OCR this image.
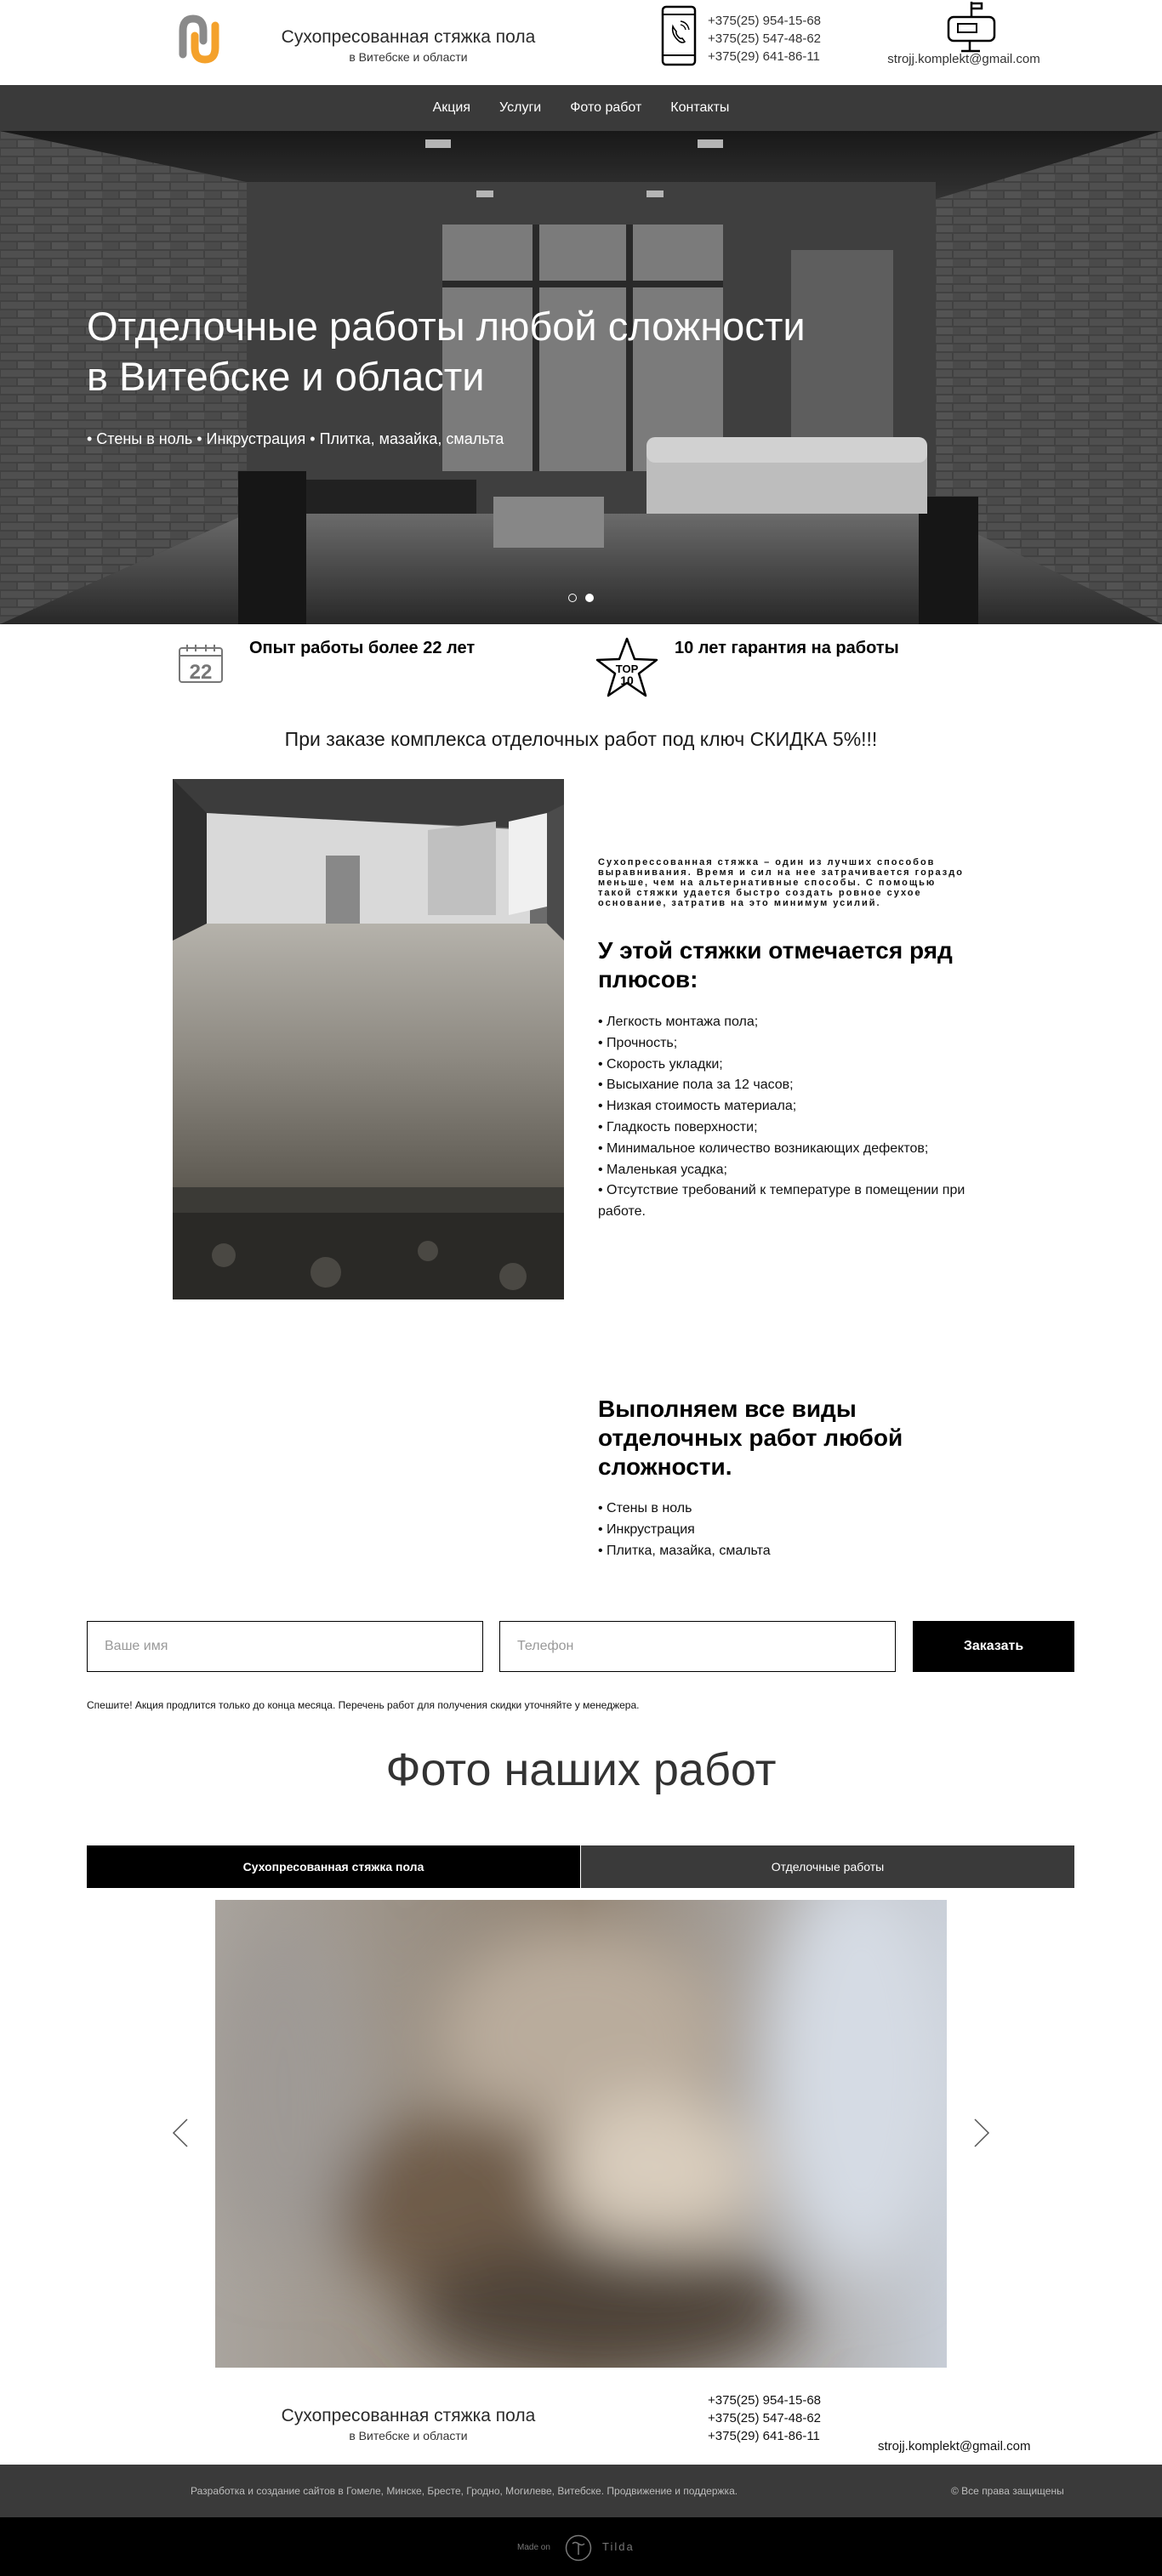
Сухопресованная стяжка пола
в Витебске и области
+375(25) 954-15-68
+375(25) 547-48-62
+375(29) 641-86-11	strojj.komplekt@gmail.com
Акция Услуги Фото работ Контакты
Отделочные работы любой сложности
в Витебске и области
• Стены в ноль • Инкрустрация • Плитка, мазайка, смальта
22
Опыт работы более 22 лет
TOP
10
10 лет гарантия на работы
При заказе комплекса отделочных работ под ключ СКИДКА 5%!!!
Сухопрессованная стяжка – один из лучших способов выравнивания. Время и сил на нее затрачивается гораздо меньше, чем на альтернативные способы. С помощью такой стяжки удается быстро создать ровное сухое основание, затратив на это минимум усилий.
У этой стяжки отмечается ряд плюсов:
• Легкость монтажа пола;
• Прочность;
• Скорость укладки;
• Высыхание пола за 12 часов;
• Низкая стоимость материала;
• Гладкость поверхности;
• Минимальное количество возникающих дефектов;
• Маленькая усадка;
• Отсутствие требований к температуре в помещении при работе.
Выполняем все виды отделочных работ любой сложности.
• Стены в ноль
• Инкрустрация
• Плитка, мазайка, смальта
Ваше имя
Телефон
Заказать
Спешите! Акция продлится только до конца месяца. Перечень работ для получения скидки уточняйте у менеджера.
Фото наших работ
Сухопресованная стяжка пола	Отделочные работы
Сухопресованная стяжка пола
в Витебске и области
+375(25) 954-15-68
+375(25) 547-48-62
+375(29) 641-86-11
strojj.komplekt@gmail.com
Разработка и создание сайтов в Гомеле, Минске, Бресте, Гродно, Могилеве, Витебске. Продвижение и поддержка.	© Все права защищены
Made on	Tilda
